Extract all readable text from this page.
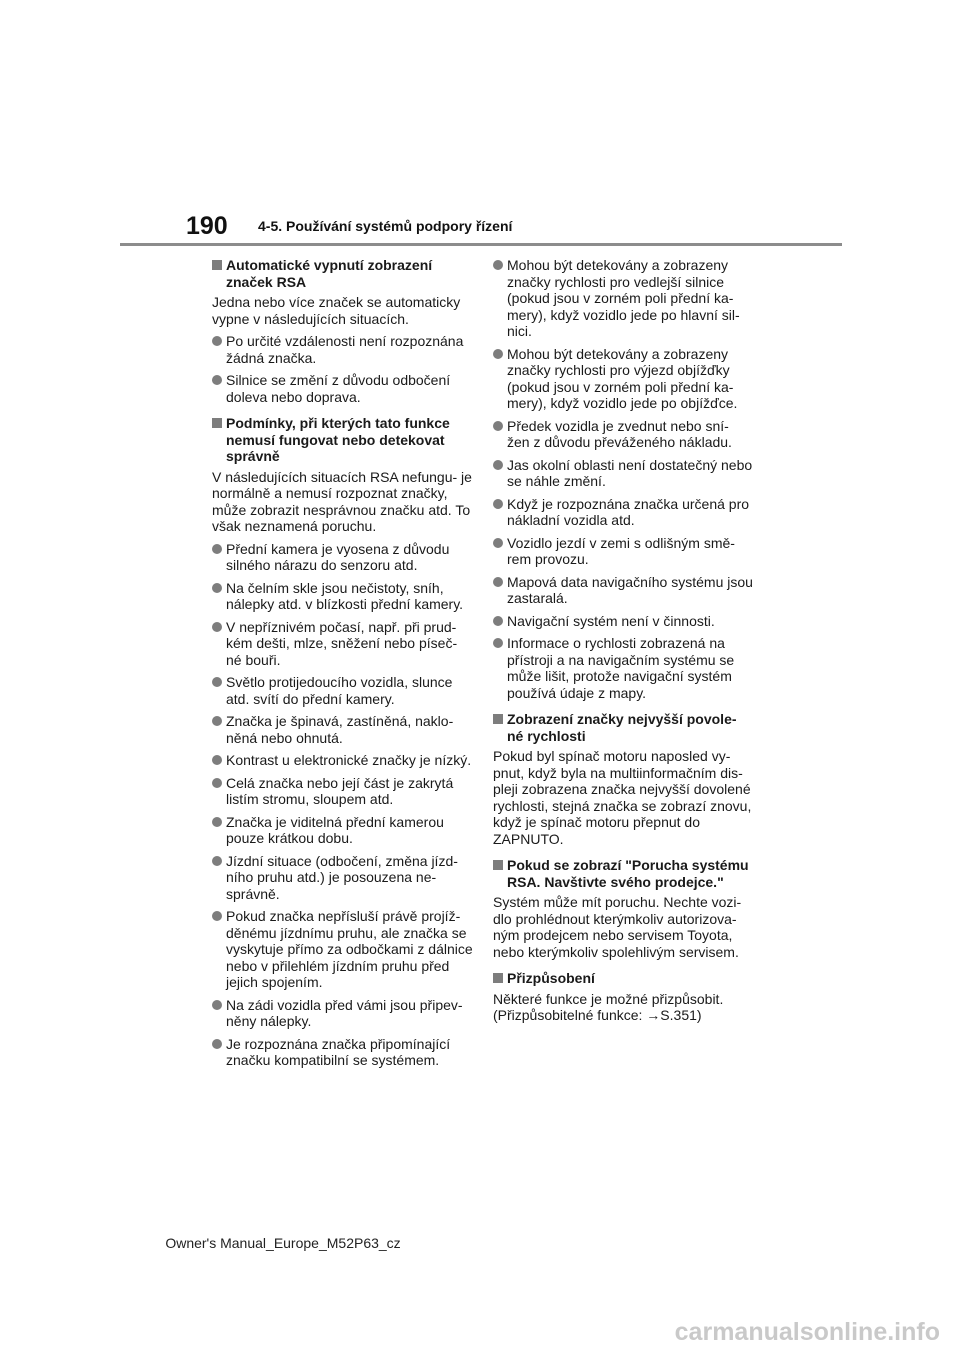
190 4-5. Používání systémů podpory řízení
Automatické vypnutí zobrazení značek RSA
Jedna nebo více značek se automaticky vypne v následujících situacích.
Po určité vzdálenosti není rozpoznána žádná značka.
Silnice se změní z důvodu odbočení doleva nebo doprava.
Podmínky, při kterých tato funkce nemusí fungovat nebo detekovat správně
V následujících situacích RSA nefungu- je normálně a nemusí rozpoznat značky, může zobrazit nesprávnou značku atd. To však neznamená poruchu.
Přední kamera je vyosena z důvodu silného nárazu do senzoru atd.
Na čelním skle jsou nečistoty, sníh, nálepky atd. v blízkosti přední kamery.
V nepříznivém počasí, např. při prud- kém dešti, mlze, sněžení nebo píseč- né bouři.
Světlo protijedoucího vozidla, slunce atd. svítí do přední kamery.
Značka je špinavá, zastíněná, naklo- něná nebo ohnutá.
Kontrast u elektronické značky je nízký.
Celá značka nebo její část je zakrytá listím stromu, sloupem atd.
Značka je viditelná přední kamerou pouze krátkou dobu.
Jízdní situace (odbočení, změna jízd- ního pruhu atd.) je posouzena ne- správně.
Pokud značka nepřísluší právě projíž- děnému jízdnímu pruhu, ale značka se vyskytuje přímo za odbočkami z dálnice nebo v přilehlém jízdním pruhu před jejich spojením.
Na zádi vozidla před vámi jsou připev- něny nálepky.
Je rozpoznána značka připomínající značku kompatibilní se systémem.
Mohou být detekovány a zobrazeny značky rychlosti pro vedlejší silnice (pokud jsou v zorném poli přední ka- mery), když vozidlo jede po hlavní sil- nici.
Mohou být detekovány a zobrazeny značky rychlosti pro výjezd objížďky (pokud jsou v zorném poli přední ka- mery), když vozidlo jede po objížďce.
Předek vozidla je zvednut nebo sní- žen z důvodu převáženého nákladu.
Jas okolní oblasti není dostatečný nebo se náhle změní.
Když je rozpoznána značka určená pro nákladní vozidla atd.
Vozidlo jezdí v zemi s odlišným smě- rem provozu.
Mapová data navigačního systému jsou zastaralá.
Navigační systém není v činnosti.
Informace o rychlosti zobrazená na přístroji a na navigačním systému se může lišit, protože navigační systém používá údaje z mapy.
Zobrazení značky nejvyšší povole- né rychlosti
Pokud byl spínač motoru naposled vy- pnut, když byla na multiinformačním dis- pleji zobrazena značka nejvyšší dovolené rychlosti, stejná značka se zobrazí znovu, když je spínač motoru přepnut do ZAPNUTO.
Pokud se zobrazí "Porucha systému RSA. Navštivte svého prodejce."
Systém může mít poruchu. Nechte vozi- dlo prohlédnout kterýmkoliv autorizova- ným prodejcem nebo servisem Toyota, nebo kterýmkoliv spolehlivým servisem.
Přizpůsobení
Některé funkce je možné přizpůsobit. (Přizpůsobitelné funkce: →S.351)
Owner's Manual_Europe_M52P63_cz
carmanualsonline.info
